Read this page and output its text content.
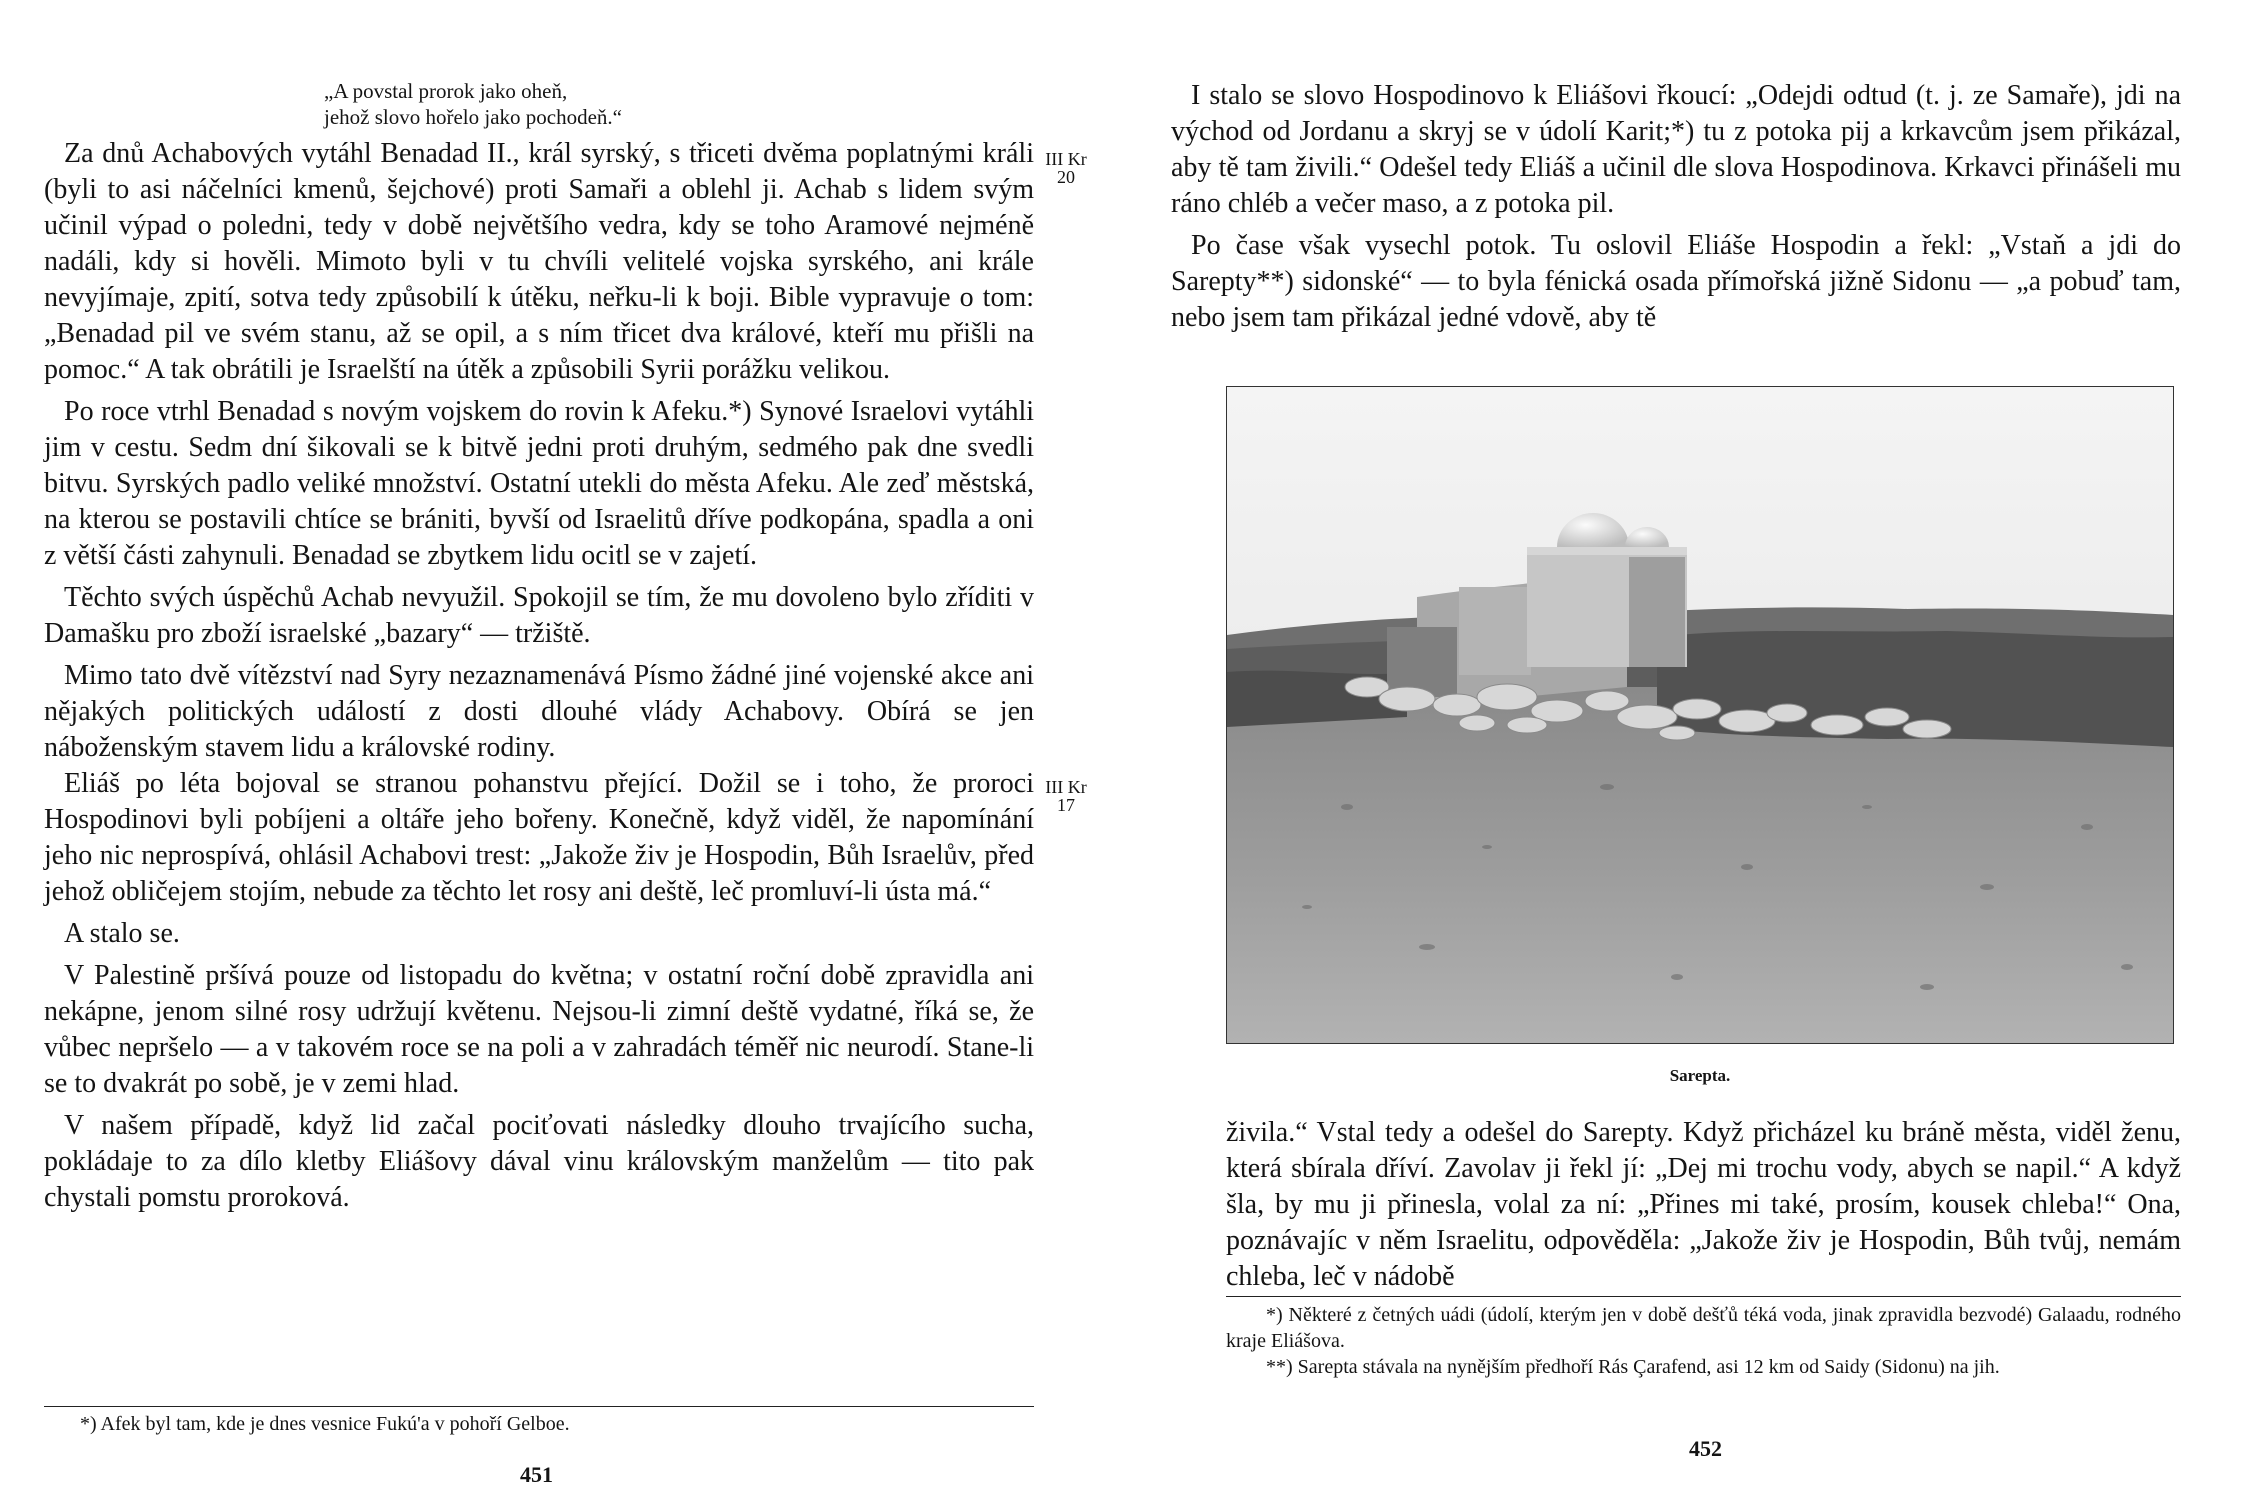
„A povstal prorok jako oheň,
jehož slovo hořelo jako pochodeň.“

Za dnů Achabových vytáhl Benadad II., král syrský, s třiceti dvěma poplatnými králi (byli to asi náčelníci kmenů, šejchové) proti Samaři a oblehl ji. Achab s lidem svým učinil výpad o poledni, tedy v době největšího vedra, kdy se toho Aramové nejméně nadáli, kdy si hověli. Mimoto byli v tu chvíli velitelé vojska syrského, ani krále nevyjímaje, zpití, sotva tedy způsobilí k útěku, neřku-li k boji. Bible vypravuje o tom: „Benadad pil ve svém stanu, až se opil, a s ním třicet dva králové, kteří mu přišli na pomoc.“ A tak obrátili je Israelští na útěk a způsobili Syrii porážku velikou.

Po roce vtrhl Benadad s novým vojskem do rovin k Afeku.*) Synové Israelovi vytáhli jim v cestu. Sedm dní šikovali se k bitvě jedni proti druhým, sedmého pak dne svedli bitvu. Syrských padlo veliké množství. Ostatní utekli do města Afeku. Ale zeď městská, na kterou se postavili chtíce se brániti, byvší od Israelitů dříve podkopána, spadla a oni z větší části zahynuli. Benadad se zbytkem lidu ocitl se v zajetí.

Těchto svých úspěchů Achab nevyužil. Spokojil se tím, že mu dovoleno bylo zříditi v Damašku pro zboží israelské „bazary“ — tržiště.

Mimo tato dvě vítězství nad Syry nezaznamenává Písmo žádné jiné vojenské akce ani nějakých politických událostí z dosti dlouhé vlády Achabovy. Obírá se jen náboženským stavem lidu a královské rodiny.

Eliáš po léta bojoval se stranou pohanstvu přející. Dožil se i toho, že proroci Hospodinovi byli pobíjeni a oltáře jeho bořeny. Konečně, když viděl, že napomínání jeho nic neprospívá, ohlásil Achabovi trest: „Jakože živ je Hospodin, Bůh Israelův, před jehož obličejem stojím, nebude za těchto let rosy ani deště, leč promluví-li ústa má.“

A stalo se.

V Palestině pršívá pouze od listopadu do května; v ostatní roční době zpravidla ani nekápne, jenom silné rosy udržují květenu. Nejsou-li zimní deště vydatné, říká se, že vůbec nepršelo — a v takovém roce se na poli a v zahradách téměř nic neurodí. Stane-li se to dvakrát po sobě, je v zemi hlad.

V našem případě, když lid začal pociťovati následky dlouho trvajícího sucha, pokládaje to za dílo kletby Eliášovy dával vinu královským manželům — tito pak chystali pomstu proroková.

III Kr
20
III Kr
17
*) Afek byl tam, kde je dnes vesnice Fukú'a v pohoří Gelboe.
451

I stalo se slovo Hospodinovo k Eliášovi řkoucí: „Odejdi odtud (t. j. ze Samaře), jdi na východ od Jordanu a skryj se v údolí Karit;*) tu z potoka pij a krkavcům jsem přikázal, aby tě tam živili.“ Odešel tedy Eliáš a učinil dle slova Hospodinova. Krkavci přinášeli mu ráno chléb a večer maso, a z potoka pil.

Po čase však vysechl potok. Tu oslovil Eliáše Hospodin a řekl: „Vstaň a jdi do Sarepty**) sidonské“ — to byla fénická osada přímořská jižně Sidonu — „a pobuď tam, nebo jsem tam přikázal jedné vdově, aby tě

živila.“ Vstal tedy a odešel do Sarepty. Když přicházel ku bráně města, viděl ženu, která sbírala dříví. Zavolav ji řekl jí: „Dej mi trochu vody, abych se napil.“ A když šla, by mu ji přinesla, volal za ní: „Přines mi také, prosím, kousek chleba!“ Ona, poznávajíc v něm Israelitu, odpověděla: „Jakože živ je Hospodin, Bůh tvůj, nemám chleba, leč v nádobě

*) Některé z četných uádi (údolí, kterým jen v době dešťů téká voda, jinak zpravidla bezvodé) Galaadu, rodného kraje Eliášova.
**) Sarepta stávala na nynějším předhoří Rás Çarafend, asi 12 km od Saidy (Sidonu) na jih.
452
Sarepta.
